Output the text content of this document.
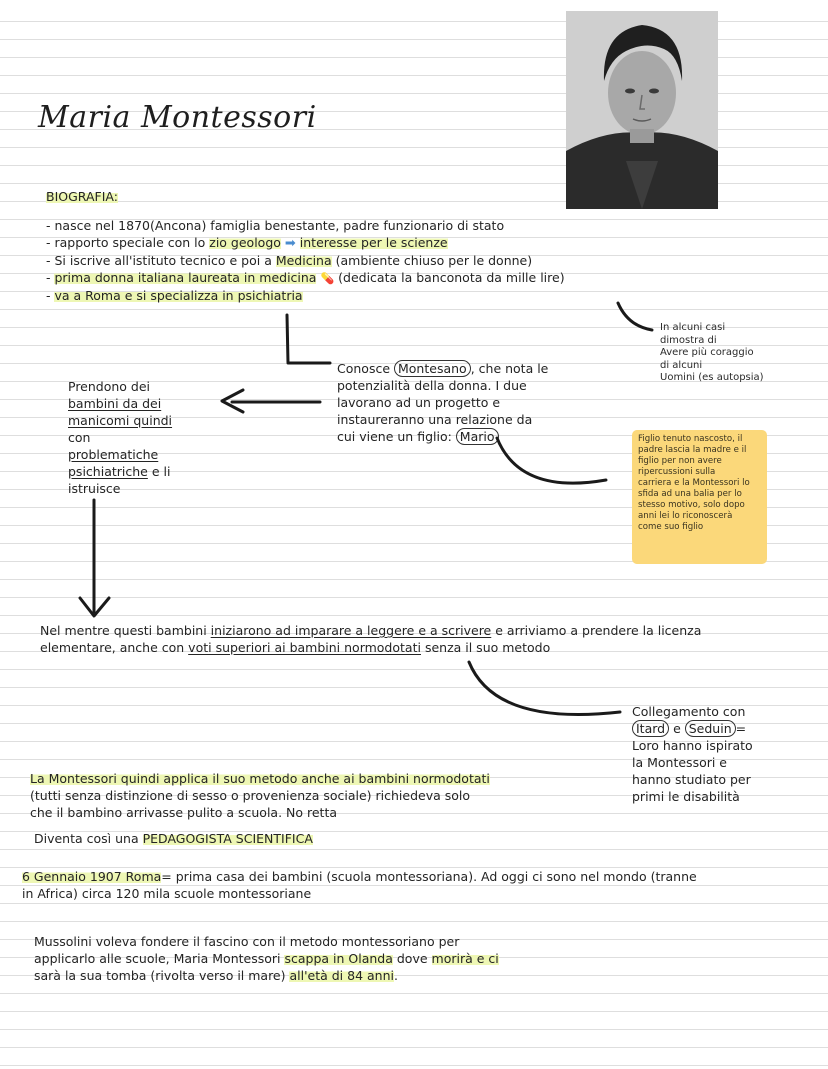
Maria Montessori
BIOGRAFIA:
- nasce nel 1870(Ancona) famiglia benestante, padre funzionario di stato
- rapporto speciale con lo zio geologo ➡ interesse per le scienze
- Si iscrive all'istituto tecnico e poi a Medicina (ambiente chiuso per le donne)
- prima donna italiana laureata in medicina 💊 (dedicata la banconota da mille lire)
- va a Roma e si specializza in psichiatria
In alcuni casi
dimostra di
Avere più coraggio
di alcuni
Uomini (es autopsia)
Conosce Montesano , che nota le
potenzialità della donna. I due
lavorano ad un progetto e
instaureranno una relazione da
cui viene un figlio: Mario
Prendono dei
bambini da dei
manicomi quindi
con
problematiche
psichiatriche e li
istruisce
Figlio tenuto nascosto, il
padre lascia la madre e il
figlio per non avere
ripercussioni sulla
carriera e la Montessori lo
sfida ad una balia per lo
stesso motivo, solo dopo
anni lei lo riconoscerà
come suo figlio
Nel mentre questi bambini iniziarono ad imparare a leggere e a scrivere e arriviamo a prendere la licenza
elementare, anche con voti superiori ai bambini normodotati senza il suo metodo
Collegamento con
Itard e Seduin =
Loro hanno ispirato
la Montessori e
hanno studiato per
primi le disabilità
La Montessori quindi applica il suo metodo anche ai bambini normodotati
(tutti senza distinzione di sesso o provenienza sociale) richiedeva solo
che il bambino arrivasse pulito a scuola. No retta
Diventa così una PEDAGOGISTA SCIENTIFICA
6 Gennaio 1907 Roma= prima casa dei bambini (scuola montessoriana). Ad oggi ci sono nel mondo (tranne
in Africa) circa 120 mila scuole montessoriane
Mussolini voleva fondere il fascino con il metodo montessoriano per
applicarlo alle scuole, Maria Montessori scappa in Olanda dove morirà e ci
sarà la sua tomba (rivolta verso il mare) all'età di 84 anni.
